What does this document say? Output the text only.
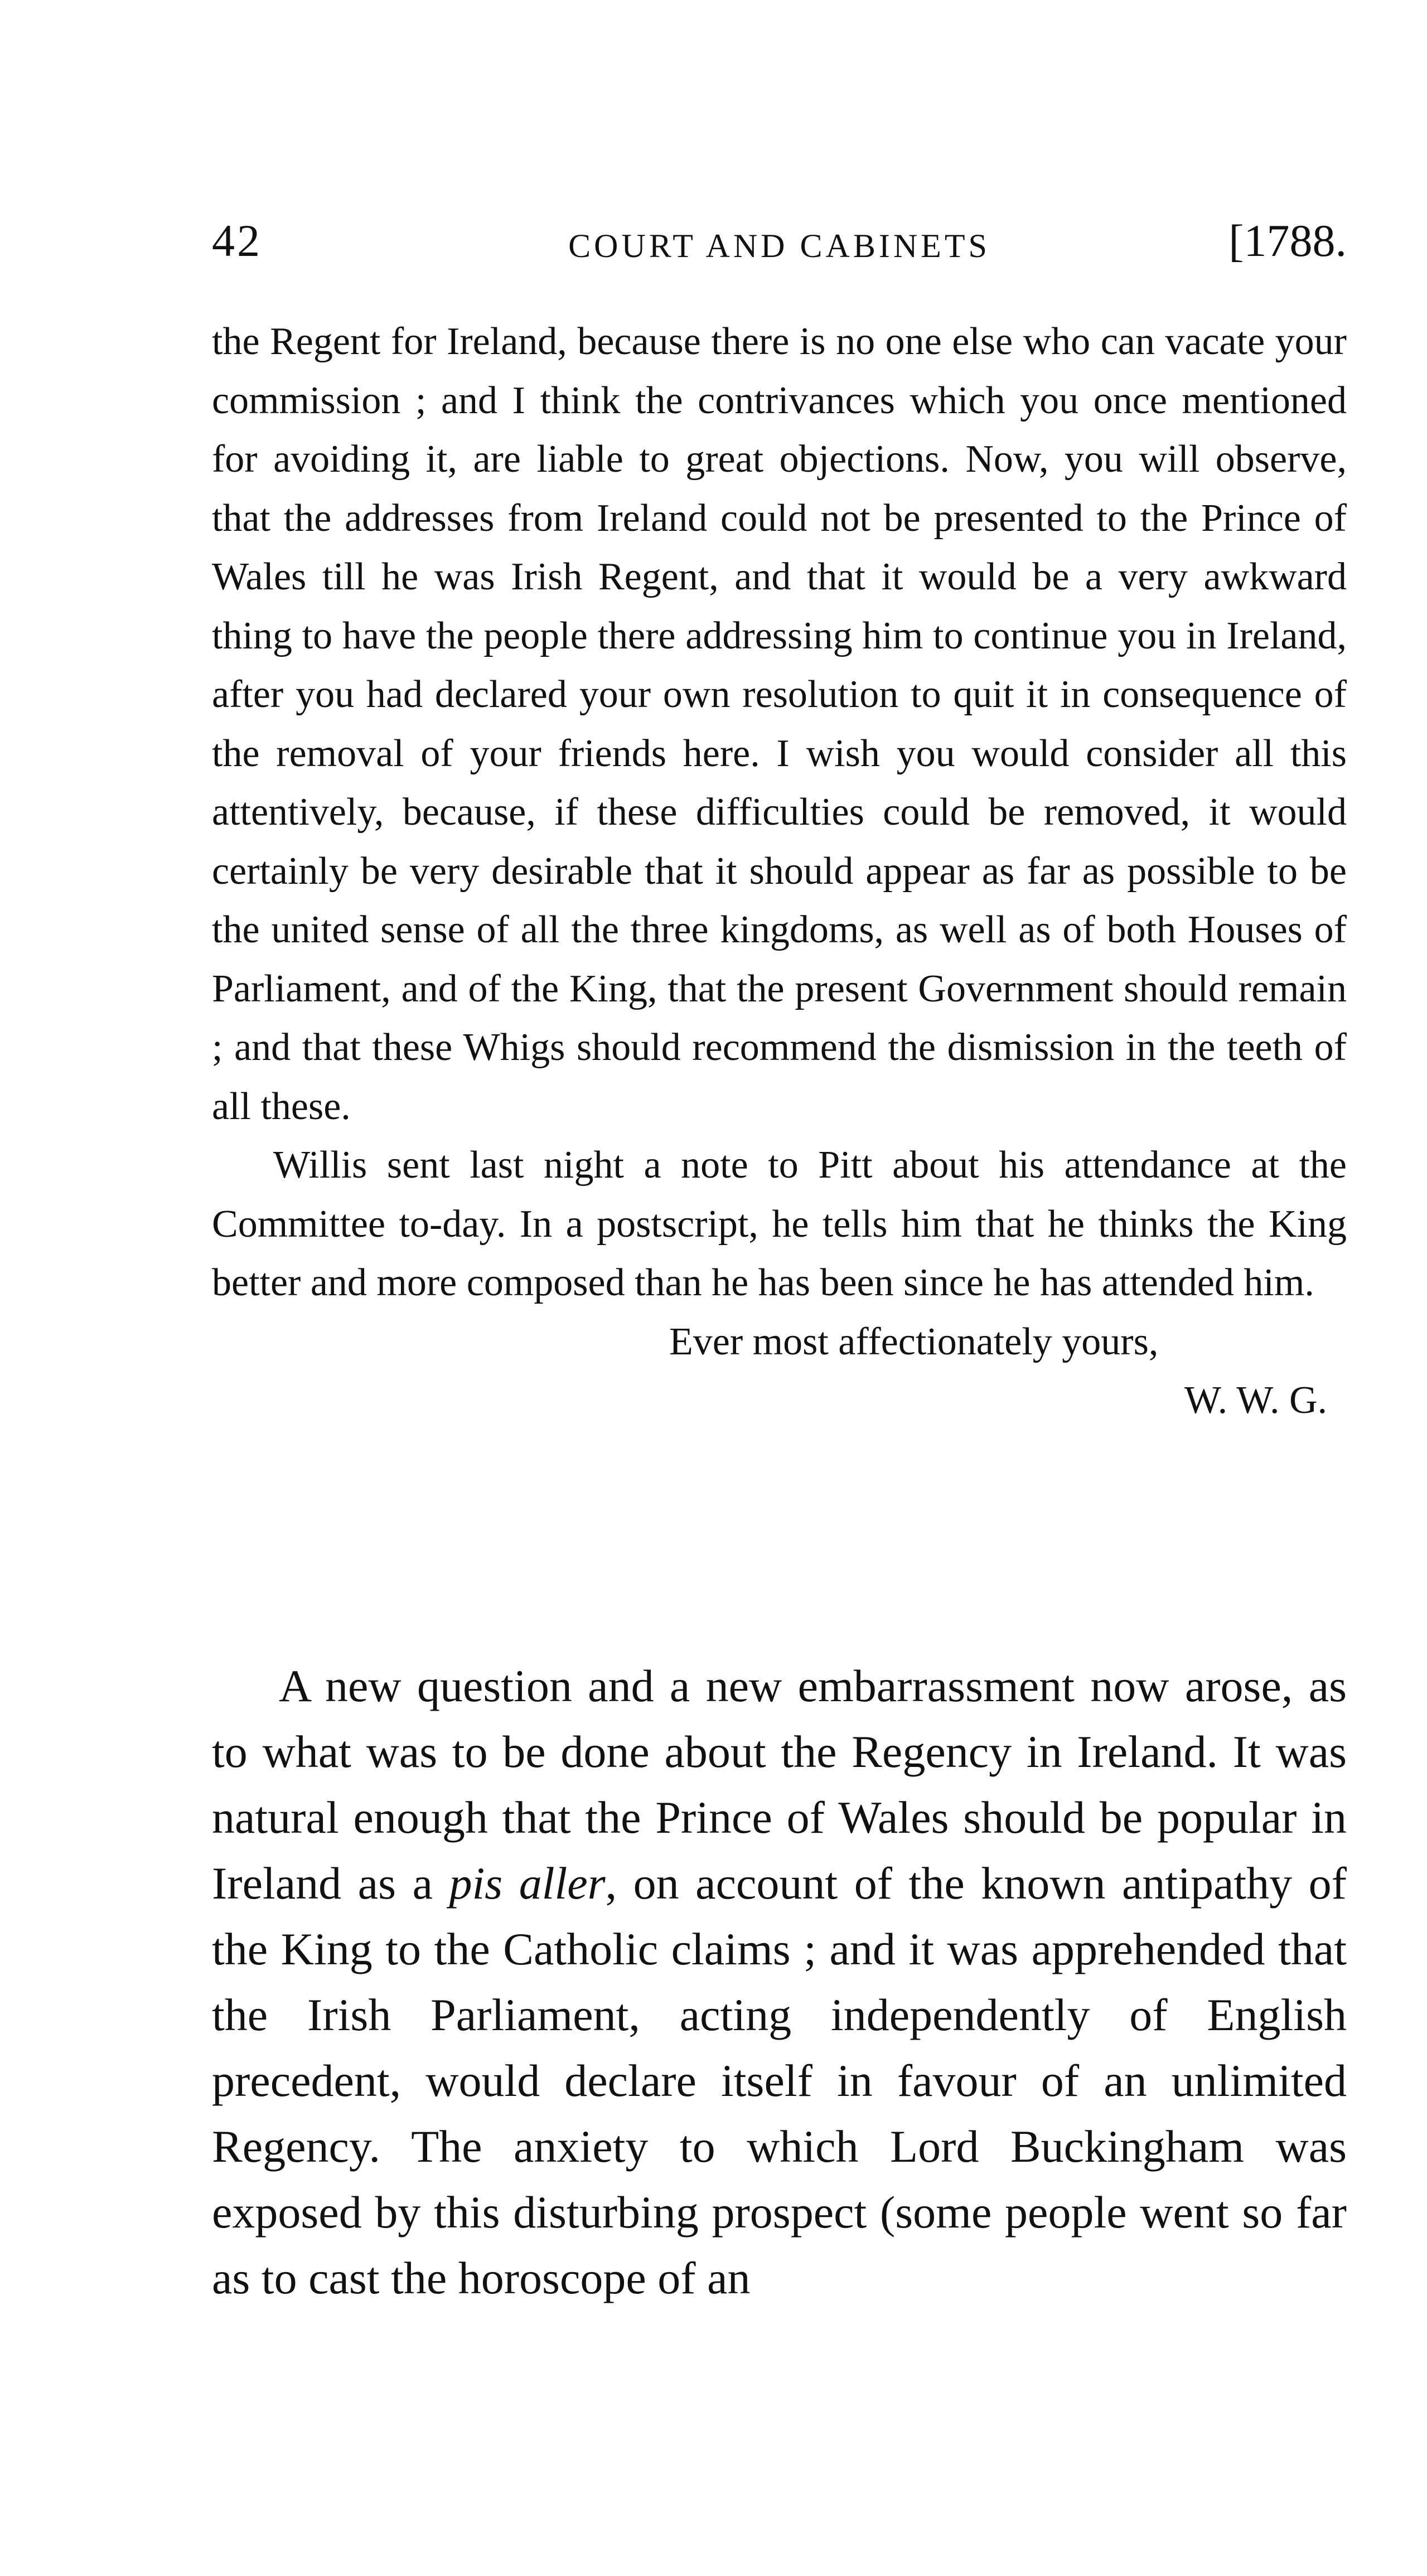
42	COURT AND CABINETS	[1788.

the Regent for Ireland, because there is no one else who can vacate your commission ; and I think the contrivances which you once mentioned for avoiding it, are liable to great objections. Now, you will observe, that the addresses from Ireland could not be presented to the Prince of Wales till he was Irish Regent, and that it would be a very awkward thing to have the people there addressing him to continue you in Ireland, after you had declared your own resolution to quit it in consequence of the removal of your friends here. I wish you would consider all this attentively, because, if these difficulties could be removed, it would certainly be very desirable that it should appear as far as possible to be the united sense of all the three kingdoms, as well as of both Houses of Parliament, and of the King, that the present Government should remain ; and that these Whigs should recommend the dismission in the teeth of all these.

Willis sent last night a note to Pitt about his attendance at the Committee to-day. In a postscript, he tells him that he thinks the King better and more composed than he has been since he has attended him.

Ever most affectionately yours,
W. W. G.

A new question and a new embarrassment now arose, as to what was to be done about the Regency in Ireland. It was natural enough that the Prince of Wales should be popular in Ireland as a pis aller, on account of the known antipathy of the King to the Catholic claims ; and it was apprehended that the Irish Parliament, acting independently of English precedent, would declare itself in favour of an unlimited Regency. The anxiety to which Lord Buckingham was exposed by this disturbing prospect (some people went so far as to cast the horoscope of an
